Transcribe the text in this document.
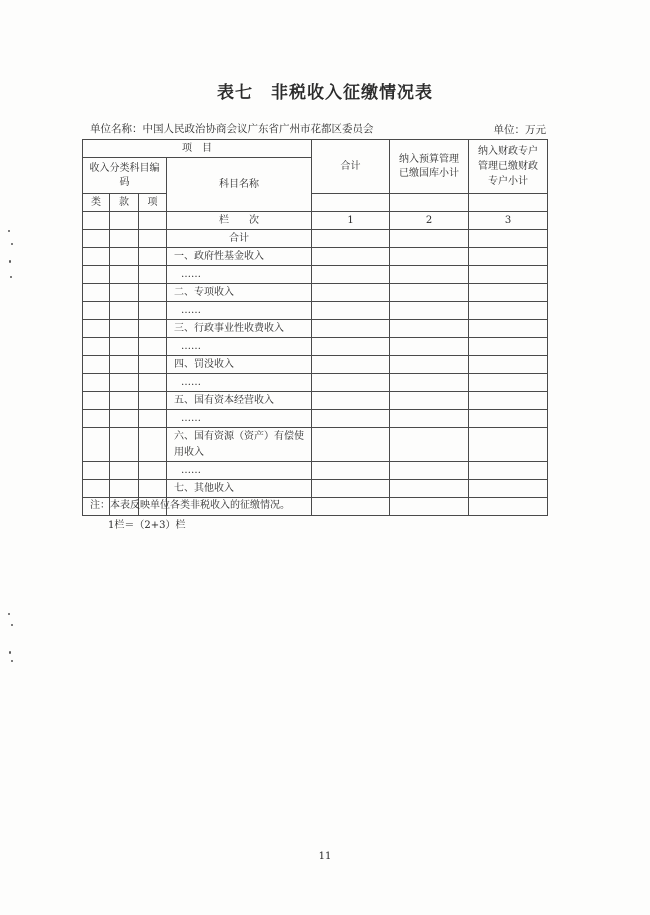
表七　非税收入征缴情况表
单位名称：中国人民政治协商会议广东省广州市花都区委员会	单位：万元
项　目				合计	纳入预算管理已缴国库小计	纳入财政专户管理已缴财政专户小计
收入分类科目编码			科目名称			
类	款	项				

			栏　　次	1	2	3
			合计			
			一、政府性基金收入			
			……			
			二、专项收入			
			……			
			三、行政事业性收费收入			
			……			
			四、罚没收入			
			……			
			五、国有资本经营收入			
			……			
			六、国有资源（资产）有偿使用收入			
			……			
			七、其他收入			

注：本表反映单位各类非税收入的征缴情况。
1栏＝（2+3）栏
11
